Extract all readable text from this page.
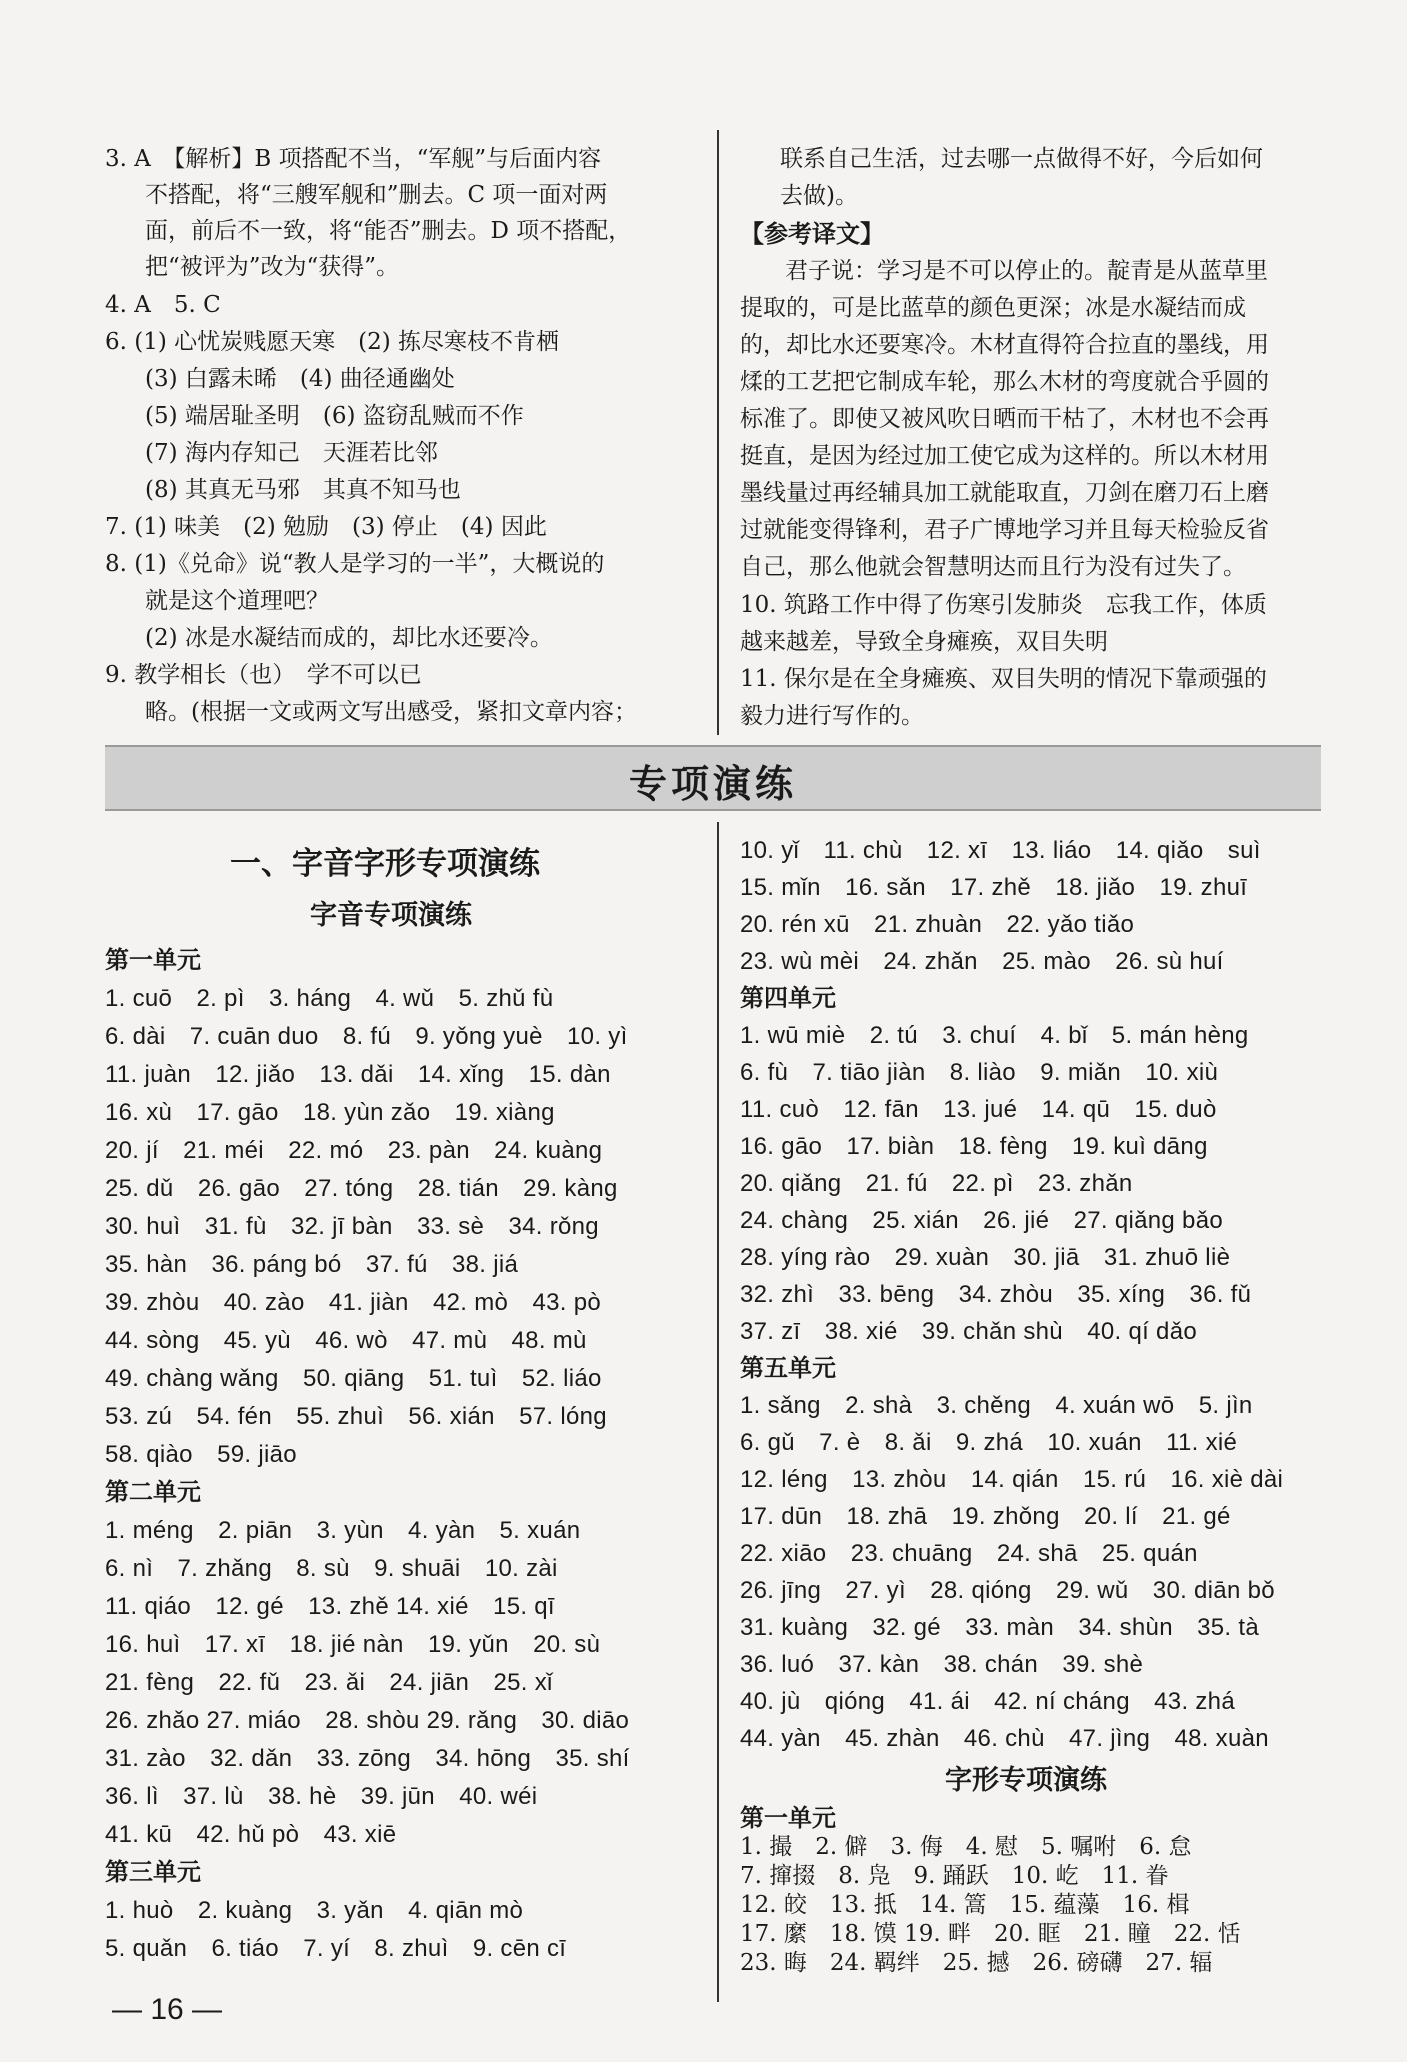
3. A　【解析】B 项搭配不当，“军舰”与后面内容
不搭配，将“三艘军舰和”删去。C 项一面对两
面，前后不一致，将“能否”删去。D 项不搭配，
把“被评为”改为“获得”。
4. A　5. C
6. (1) 心忧炭贱愿天寒　(2) 拣尽寒枝不肯栖
(3) 白露未晞　(4) 曲径通幽处
(5) 端居耻圣明　(6) 盗窃乱贼而不作
(7) 海内存知己　天涯若比邻
(8) 其真无马邪　其真不知马也
7. (1) 味美　(2) 勉励　(3) 停止　(4) 因此
8. (1)《兑命》说“教人是学习的一半”，大概说的
就是这个道理吧？
(2) 冰是水凝结而成的，却比水还要冷。
9. 教学相长（也）　学不可以已
略。(根据一文或两文写出感受，紧扣文章内容；
联系自己生活，过去哪一点做得不好，今后如何
去做)。
【参考译文】
君子说：学习是不可以停止的。靛青是从蓝草里
提取的，可是比蓝草的颜色更深；冰是水凝结而成
的，却比水还要寒冷。木材直得符合拉直的墨线，用
煣的工艺把它制成车轮，那么木材的弯度就合乎圆的
标准了。即使又被风吹日晒而干枯了，木材也不会再
挺直，是因为经过加工使它成为这样的。所以木材用
墨线量过再经辅具加工就能取直，刀剑在磨刀石上磨
过就能变得锋利，君子广博地学习并且每天检验反省
自己，那么他就会智慧明达而且行为没有过失了。
10. 筑路工作中得了伤寒引发肺炎　忘我工作，体质
越来越差，导致全身瘫痪，双目失明
11. 保尔是在全身瘫痪、双目失明的情况下靠顽强的
毅力进行写作的。
专项演练
一、字音字形专项演练
字音专项演练
第一单元
1. cuō　2. pì　3. háng　4. wǔ　5. zhǔ fù
6. dài　7. cuān duo　8. fú　9. yǒng yuè　10. yì
11. juàn　12. jiǎo　13. dǎi　14. xǐng　15. dàn
16. xù　17. gāo　18. yùn zǎo　19. xiàng
20. jí　21. méi　22. mó　23. pàn　24. kuàng
25. dǔ　26. gāo　27. tóng　28. tián　29. kàng
30. huì　31. fù　32. jī bàn　33. sè　34. rǒng
35. hàn　36. páng bó　37. fú　38. jiá
39. zhòu　40. zào　41. jiàn　42. mò　43. pò
44. sòng　45. yù　46. wò　47. mù　48. mù
49. chàng wǎng　50. qiāng　51. tuì　52. liáo
53. zú　54. fén　55. zhuì　56. xián　57. lóng
58. qiào　59. jiāo
第二单元
1. méng　2. piān　3. yùn　4. yàn　5. xuán
6. nì　7. zhǎng　8. sù　9. shuāi　10. zài
11. qiáo　12. gé　13. zhě 14. xié　15. qī
16. huì　17. xī　18. jié nàn　19. yǔn　20. sù
21. fèng　22. fǔ　23. ǎi　24. jiān　25. xǐ
26. zhǎo 27. miáo　28. shòu 29. rǎng　30. diāo
31. zào　32. dǎn　33. zōng　34. hōng　35. shí
36. lì　37. lù　38. hè　39. jūn　40. wéi
41. kū　42. hǔ pò　43. xiē
第三单元
1. huò　2. kuàng　3. yǎn　4. qiān mò
5. quǎn　6. tiáo　7. yí　8. zhuì　9. cēn cī
10. yǐ　11. chù　12. xī　13. liáo　14. qiǎo　suì
15. mǐn　16. sǎn　17. zhě　18. jiǎo　19. zhuī
20. rén xū　21. zhuàn　22. yǎo tiǎo
23. wù mèi　24. zhǎn　25. mào　26. sù huí
第四单元
1. wū miè　2. tú　3. chuí　4. bǐ　5. mán hèng
6. fù　7. tiāo jiàn　8. liào　9. miǎn　10. xiù
11. cuò　12. fān　13. jué　14. qū　15. duò
16. gāo　17. biàn　18. fèng　19. kuì dāng
20. qiǎng　21. fú　22. pì　23. zhǎn
24. chàng　25. xián　26. jié　27. qiǎng bǎo
28. yíng rào　29. xuàn　30. jiā　31. zhuō liè
32. zhì　33. bēng　34. zhòu　35. xíng　36. fǔ
37. zī　38. xié　39. chǎn shù　40. qí dǎo
第五单元
1. sǎng　2. shà　3. chěng　4. xuán wō　5. jìn
6. gǔ　7. è　8. ǎi　9. zhá　10. xuán　11. xié
12. léng　13. zhòu　14. qián　15. rú　16. xiè dài
17. dūn　18. zhā　19. zhǒng　20. lí　21. gé
22. xiāo　23. chuāng　24. shā　25. quán
26. jīng　27. yì　28. qióng　29. wǔ　30. diān bǒ
31. kuàng　32. gé　33. màn　34. shùn　35. tà
36. luó　37. kàn　38. chán　39. shè
40. jù　qióng　41. ái　42. ní cháng　43. zhá
44. yàn　45. zhàn　46. chù　47. jìng　48. xuàn
字形专项演练
第一单元
1. 撮　2. 僻　3. 侮　4. 慰　5. 嘱咐　6. 怠
7. 撺掇　8. 凫　9. 踊跃　10. 屹　11. 眷
12. 皎　13. 抵　14. 篙　15. 蕴藻　16. 楫
17. 縻　18. 馍 19. 畔　20. 眶　21. 瞳　22. 恬
23. 晦　24. 羁绊　25. 撼　26. 磅礴　27. 辐
— 16 —
